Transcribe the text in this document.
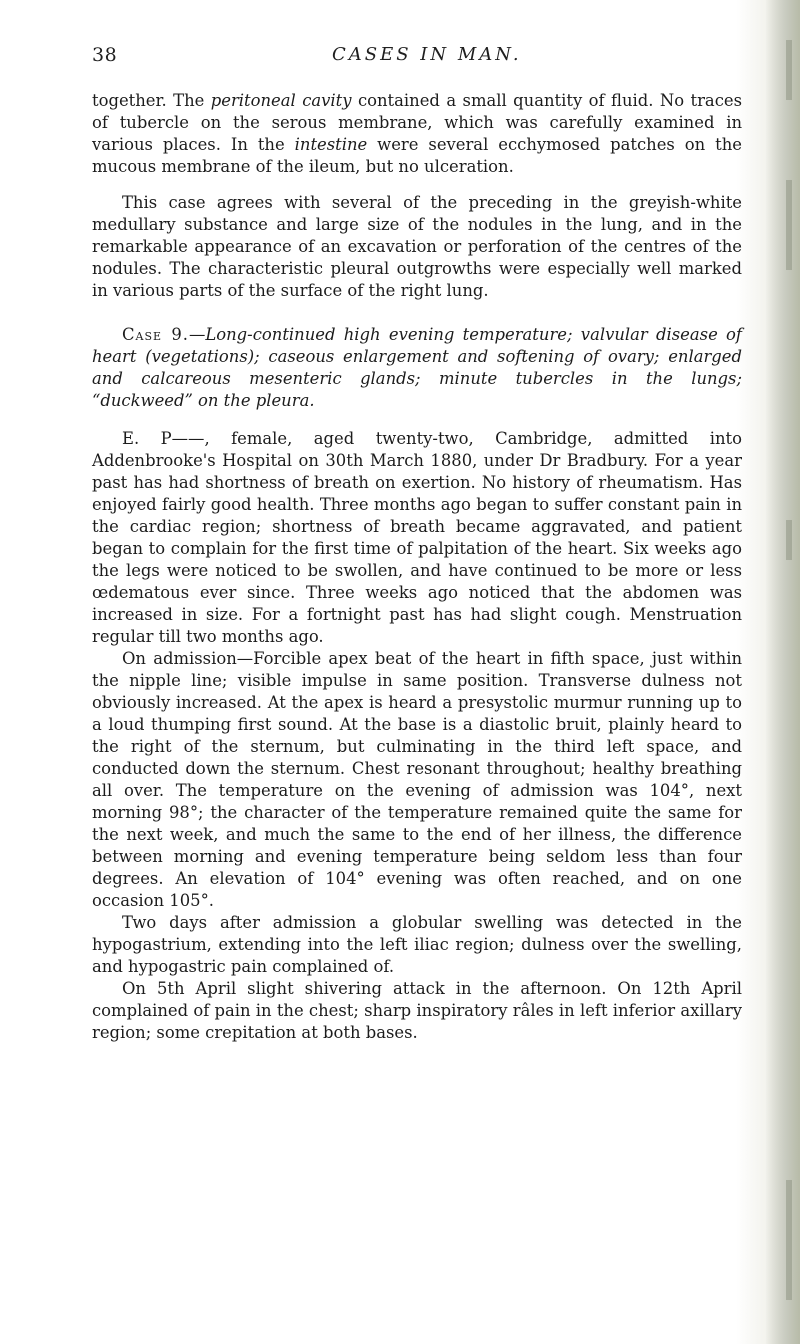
38	CASES IN MAN.

together. The peritoneal cavity contained a small quantity of fluid. No traces of tubercle on the serous membrane, which was carefully examined in various places. In the intestine were several ecchymosed patches on the mucous membrane of the ileum, but no ulceration.

This case agrees with several of the preceding in the greyish-white medullary substance and large size of the nodules in the lung, and in the remarkable appearance of an excavation or perforation of the centres of the nodules. The characteristic pleural outgrowths were especially well marked in various parts of the surface of the right lung.

Case 9.—Long-continued high evening temperature; valvular disease of heart (vegetations); caseous enlargement and softening of ovary; enlarged and calcareous mesenteric glands; minute tubercles in the lungs; “duckweed” on the pleura.

E. P——, female, aged twenty-two, Cambridge, admitted into Addenbrooke's Hospital on 30th March 1880, under Dr Bradbury. For a year past has had shortness of breath on exertion. No history of rheumatism. Has enjoyed fairly good health. Three months ago began to suffer constant pain in the cardiac region; shortness of breath became aggravated, and patient began to complain for the first time of palpitation of the heart. Six weeks ago the legs were noticed to be swollen, and have continued to be more or less œdematous ever since. Three weeks ago noticed that the abdomen was increased in size. For a fortnight past has had slight cough. Menstruation regular till two months ago.

On admission—Forcible apex beat of the heart in fifth space, just within the nipple line; visible impulse in same position. Transverse dulness not obviously increased. At the apex is heard a presystolic murmur running up to a loud thumping first sound. At the base is a diastolic bruit, plainly heard to the right of the sternum, but culminating in the third left space, and conducted down the sternum. Chest resonant throughout; healthy breathing all over. The temperature on the evening of admission was 104°, next morning 98°; the character of the temperature remained quite the same for the next week, and much the same to the end of her illness, the difference between morning and evening temperature being seldom less than four degrees. An elevation of 104° evening was often reached, and on one occasion 105°.

Two days after admission a globular swelling was detected in the hypogastrium, extending into the left iliac region; dulness over the swelling, and hypogastric pain complained of.

On 5th April slight shivering attack in the afternoon. On 12th April complained of pain in the chest; sharp inspiratory râles in left inferior axillary region; some crepitation at both bases.
